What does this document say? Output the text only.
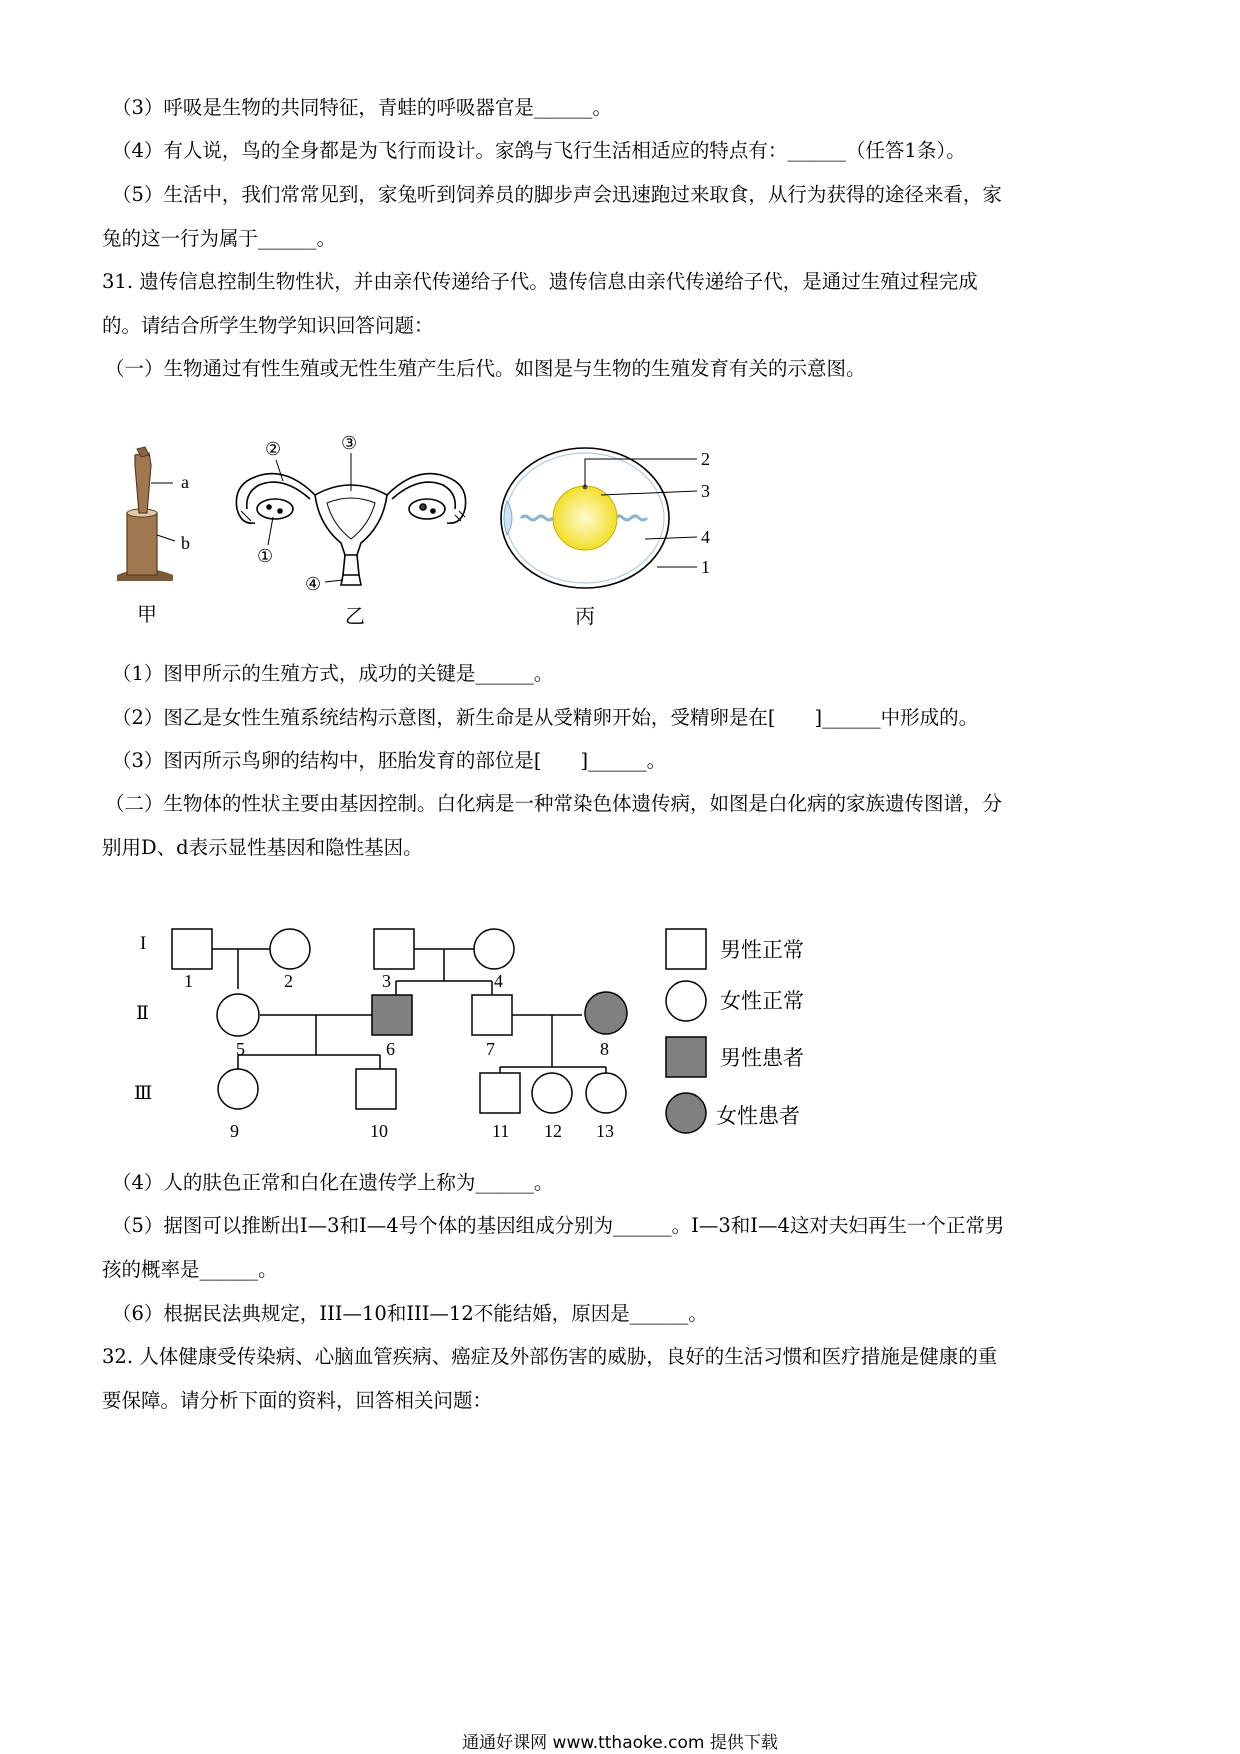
（3）呼吸是生物的共同特征，青蛙的呼吸器官是______。
（4）有人说，鸟的全身都是为飞行而设计。家鸽与飞行生活相适应的特点有：______（任答1条）。
（5）生活中，我们常常见到，家兔听到饲养员的脚步声会迅速跑过来取食，从行为获得的途径来看，家
兔的这一行为属于______。
31. 遗传信息控制生物性状，并由亲代传递给子代。遗传信息由亲代传递给子代，是通过生殖过程完成
的。请结合所学生物学知识回答问题：
（一）生物通过有性生殖或无性生殖产生后代。如图是与生物的生殖发育有关的示意图。
a
b
甲
②	③
①
④
乙
2
3
4
1
丙
（1）图甲所示的生殖方式，成功的关键是______。
（2）图乙是女性生殖系统结构示意图，新生命是从受精卵开始，受精卵是在[　　]______中形成的。
（3）图丙所示鸟卵的结构中，胚胎发育的部位是[　　]______。
（二）生物体的性状主要由基因控制。白化病是一种常染色体遗传病，如图是白化病的家族遗传图谱，分
别用D、d表示显性基因和隐性基因。
I
Ⅱ
Ⅲ
1	2	3	4
5	6	7	8
9	10	11 12 13
男性正常
女性正常
男性患者
女性患者
（4）人的肤色正常和白化在遗传学上称为______。
（5）据图可以推断出I—3和I—4号个体的基因组成分别为______。I—3和I—4这对夫妇再生一个正常男
孩的概率是______。
（6）根据民法典规定，III—10和III—12不能结婚，原因是______。
32. 人体健康受传染病、心脑血管疾病、癌症及外部伤害的威胁，良好的生活习惯和医疗措施是健康的重
要保障。请分析下面的资料，回答相关问题：
通通好课网 www.tthaoke.com 提供下载
